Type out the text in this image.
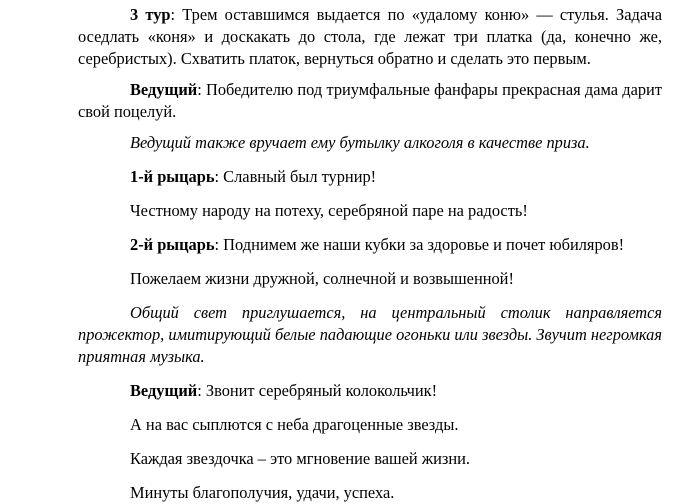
3 тур: Трем оставшимся выдается по «удалому коню» — стулья. Задача оседлать «коня» и доскакать до стола, где лежат три платка (да, конечно же, серебристых). Схватить платок, вернуться обратно и сделать это первым.

Ведущий: Победителю под триумфальные фанфары прекрасная дама дарит свой поцелуй.

Ведущий также вручает ему бутылку алкоголя в качестве приза.

1-й рыцарь: Славный был турнир!

Честному народу на потеху, серебряной паре на радость!

2-й рыцарь: Поднимем же наши кубки за здоровье и почет юбиляров!

Пожелаем жизни дружной, солнечной и возвышенной!

Общий свет приглушается, на центральный столик направляется прожектор, имитирующий белые падающие огоньки или звезды. Звучит негромкая приятная музыка.

Ведущий: Звонит серебряный колокольчик!

А на вас сыплются с неба драгоценные звезды.

Каждая звездочка – это мгновение вашей жизни.

Минуты благополучия, удачи, успеха.
